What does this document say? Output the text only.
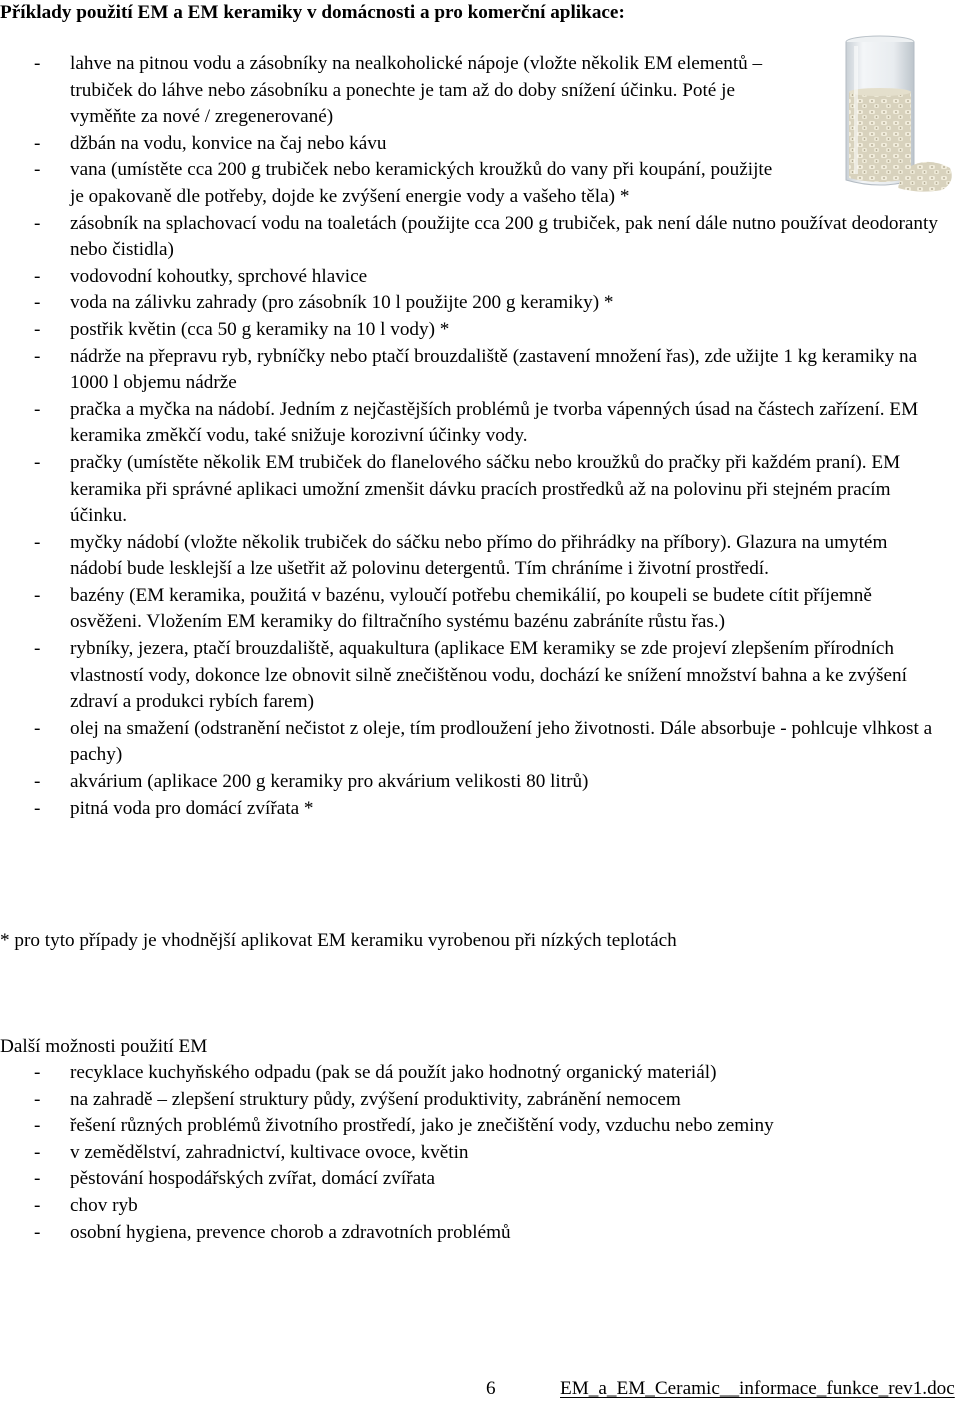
Příklady použití EM a EM keramiky v domácnosti a pro komerční aplikace:
- lahve na pitnou vodu a zásobníky na nealkoholické nápoje (vložte několik EM elementů – trubiček do láhve nebo zásobníku a ponechte je tam až do doby snížení účinku. Poté je vyměňte za nové / zregenerované)
- džbán na vodu, konvice na čaj nebo kávu
- vana (umístěte cca 200 g trubiček nebo keramických kroužků do vany při koupání, použijte je opakovaně dle potřeby, dojde ke zvýšení energie vody a vašeho těla) *
- zásobník na splachovací vodu na toaletách (použijte cca 200 g trubiček, pak není dále nutno používat deodoranty nebo čistidla)
- vodovodní kohoutky, sprchové hlavice
- voda na zálivku zahrady (pro zásobník 10 l použijte 200 g keramiky) *
- postřik květin (cca 50 g keramiky na 10 l vody) *
- nádrže na přepravu ryb, rybníčky nebo ptačí brouzdaliště (zastavení množení řas), zde užijte 1 kg keramiky na 1000 l objemu nádrže
- pračka a myčka na nádobí. Jedním z nejčastějších problémů je tvorba vápenných úsad na částech zařízení. EM keramika změkčí vodu, také snižuje korozivní účinky vody.
- pračky (umístěte několik EM trubiček do flanelového sáčku nebo kroužků do pračky při každém praní). EM keramika při správné aplikaci umožní zmenšit dávku pracích prostředků až na polovinu při stejném pracím účinku.
- myčky nádobí (vložte několik trubiček do sáčku nebo přímo do přihrádky na příbory). Glazura na umytém nádobí bude lesklejší a lze ušetřit až polovinu detergentů. Tím chráníme i životní prostředí.
- bazény (EM keramika, použitá v bazénu, vyloučí potřebu chemikálií, po koupeli se budete cítit příjemně osvěženi. Vložením EM keramiky do filtračního systému bazénu zabráníte růstu řas.)
- rybníky, jezera, ptačí brouzdaliště, aquakultura (aplikace EM keramiky se zde projeví zlepšením přírodních vlastností vody, dokonce lze obnovit silně znečištěnou vodu, dochází ke snížení množství bahna a ke zvýšení zdraví a produkci rybích farem)
- olej na smažení (odstranění nečistot z oleje, tím prodloužení jeho životnosti. Dále absorbuje - pohlcuje vlhkost a pachy)
- akvárium (aplikace 200 g keramiky pro akvárium velikosti 80 litrů)
- pitná voda pro domácí zvířata *

* pro tyto případy je vhodnější aplikovat EM keramiku vyrobenou při nízkých teplotách

Další možnosti použití EM

- recyklace kuchyňského odpadu (pak se dá použít jako hodnotný organický materiál)
- na zahradě – zlepšení struktury půdy, zvýšení produktivity, zabránění nemocem
- řešení různých problémů životního prostředí, jako je znečištění vody, vzduchu nebo zeminy
- v zemědělství, zahradnictví, kultivace ovoce, květin
- pěstování hospodářských zvířat, domácí zvířata
- chov ryb
- osobní hygiena, prevence chorob a zdravotních problémů
6	EM_a_EM_Ceramic__informace_funkce_rev1.doc
